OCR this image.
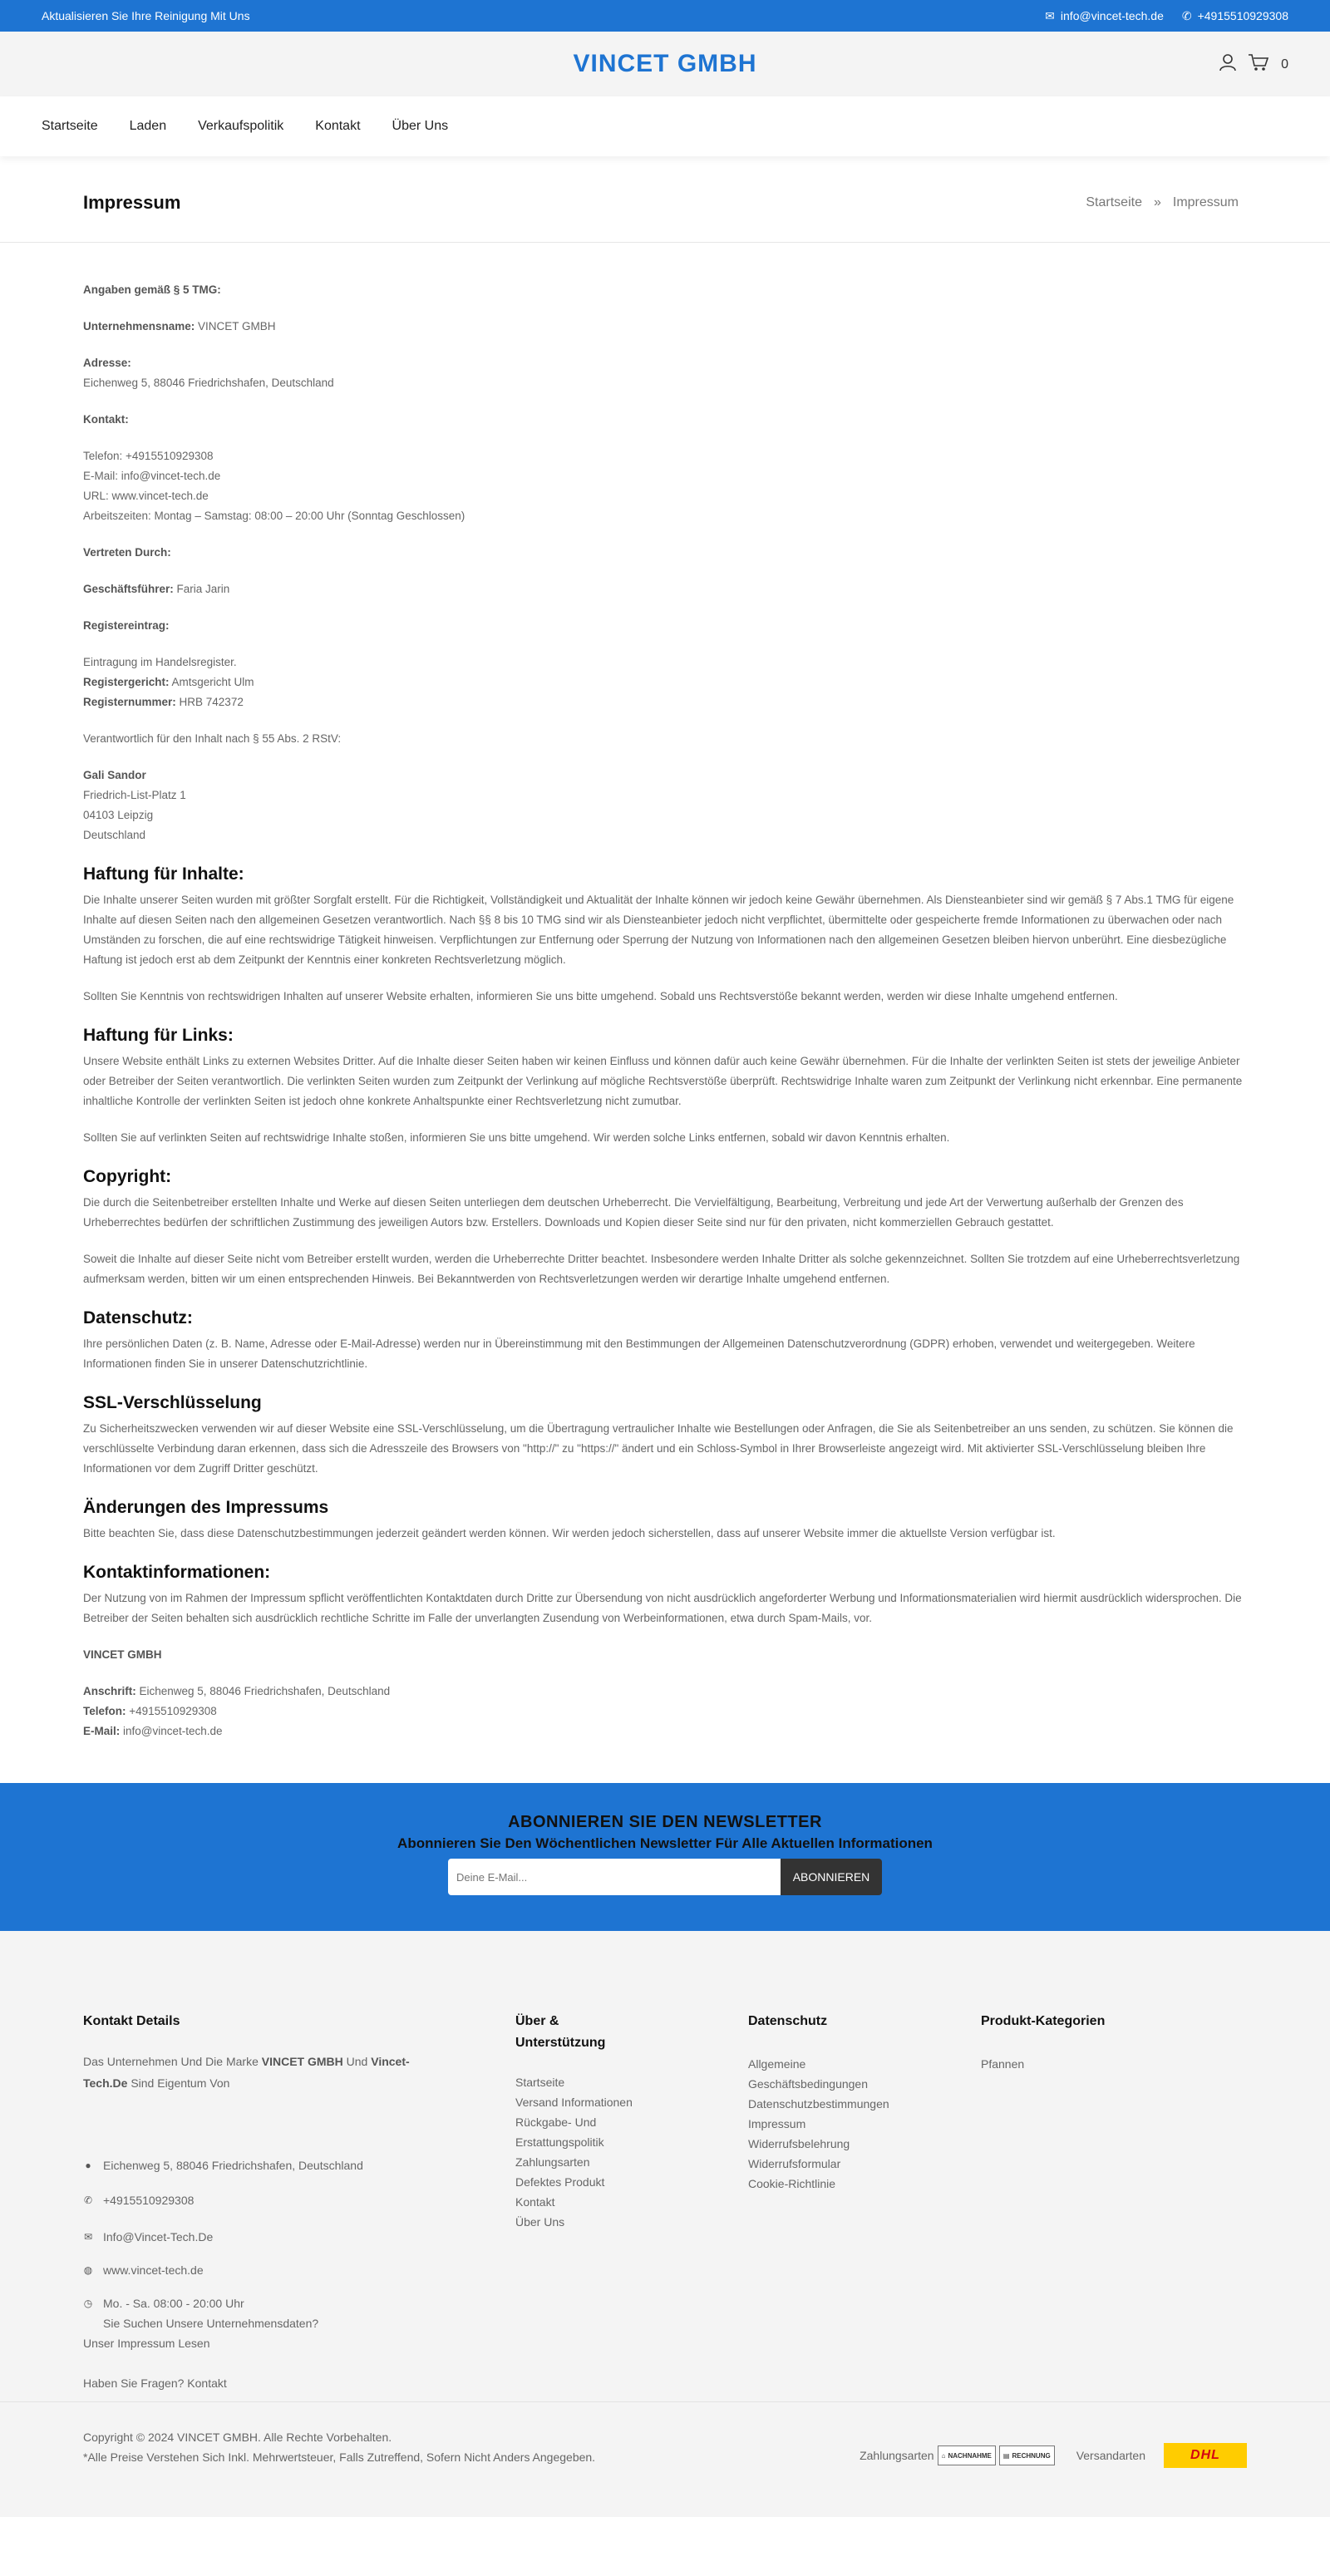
Aktualisieren Sie Ihre Reinigung Mit Uns	✉ info@vincet-tech.de ✆ +4915510929308
VINCET GMBH	0
Startseite Laden Verkaufspolitik Kontakt Über Uns
Impressum	Startseite » Impressum

Angaben gemäß § 5 TMG:

Unternehmensname: VINCET GMBH

Adresse:
Eichenweg 5, 88046 Friedrichshafen, Deutschland

Kontakt:

Telefon: +4915510929308
E-Mail: info@vincet-tech.de
URL: www.vincet-tech.de
Arbeitszeiten: Montag – Samstag: 08:00 – 20:00 Uhr (Sonntag Geschlossen)

Vertreten Durch:

Geschäftsführer: Faria Jarin

Registereintrag:

Eintragung im Handelsregister.
Registergericht: Amtsgericht Ulm
Registernummer: HRB 742372

Verantwortlich für den Inhalt nach § 55 Abs. 2 RStV:

Gali Sandor
Friedrich-List-Platz 1
04103 Leipzig
Deutschland

Haftung für Inhalte:

Die Inhalte unserer Seiten wurden mit größter Sorgfalt erstellt. Für die Richtigkeit, Vollständigkeit und Aktualität der Inhalte können wir jedoch keine Gewähr übernehmen. Als Diensteanbieter sind wir gemäß § 7 Abs.1 TMG für eigene Inhalte auf diesen Seiten nach den allgemeinen Gesetzen verantwortlich. Nach §§ 8 bis 10 TMG sind wir als Diensteanbieter jedoch nicht verpflichtet, übermittelte oder gespeicherte fremde Informationen zu überwachen oder nach Umständen zu forschen, die auf eine rechtswidrige Tätigkeit hinweisen. Verpflichtungen zur Entfernung oder Sperrung der Nutzung von Informationen nach den allgemeinen Gesetzen bleiben hiervon unberührt. Eine diesbezügliche Haftung ist jedoch erst ab dem Zeitpunkt der Kenntnis einer konkreten Rechtsverletzung möglich.

Sollten Sie Kenntnis von rechtswidrigen Inhalten auf unserer Website erhalten, informieren Sie uns bitte umgehend. Sobald uns Rechtsverstöße bekannt werden, werden wir diese Inhalte umgehend entfernen.

Haftung für Links:

Unsere Website enthält Links zu externen Websites Dritter. Auf die Inhalte dieser Seiten haben wir keinen Einfluss und können dafür auch keine Gewähr übernehmen. Für die Inhalte der verlinkten Seiten ist stets der jeweilige Anbieter oder Betreiber der Seiten verantwortlich. Die verlinkten Seiten wurden zum Zeitpunkt der Verlinkung auf mögliche Rechtsverstöße überprüft. Rechtswidrige Inhalte waren zum Zeitpunkt der Verlinkung nicht erkennbar. Eine permanente inhaltliche Kontrolle der verlinkten Seiten ist jedoch ohne konkrete Anhaltspunkte einer Rechtsverletzung nicht zumutbar.

Sollten Sie auf verlinkten Seiten auf rechtswidrige Inhalte stoßen, informieren Sie uns bitte umgehend. Wir werden solche Links entfernen, sobald wir davon Kenntnis erhalten.

Copyright:

Die durch die Seitenbetreiber erstellten Inhalte und Werke auf diesen Seiten unterliegen dem deutschen Urheberrecht. Die Vervielfältigung, Bearbeitung, Verbreitung und jede Art der Verwertung außerhalb der Grenzen des Urheberrechtes bedürfen der schriftlichen Zustimmung des jeweiligen Autors bzw. Erstellers. Downloads und Kopien dieser Seite sind nur für den privaten, nicht kommerziellen Gebrauch gestattet.

Soweit die Inhalte auf dieser Seite nicht vom Betreiber erstellt wurden, werden die Urheberrechte Dritter beachtet. Insbesondere werden Inhalte Dritter als solche gekennzeichnet. Sollten Sie trotzdem auf eine Urheberrechtsverletzung aufmerksam werden, bitten wir um einen entsprechenden Hinweis. Bei Bekanntwerden von Rechtsverletzungen werden wir derartige Inhalte umgehend entfernen.

Datenschutz:

Ihre persönlichen Daten (z. B. Name, Adresse oder E-Mail-Adresse) werden nur in Übereinstimmung mit den Bestimmungen der Allgemeinen Datenschutzverordnung (GDPR) erhoben, verwendet und weitergegeben. Weitere Informationen finden Sie in unserer Datenschutzrichtlinie.

SSL-Verschlüsselung

Zu Sicherheitszwecken verwenden wir auf dieser Website eine SSL-Verschlüsselung, um die Übertragung vertraulicher Inhalte wie Bestellungen oder Anfragen, die Sie als Seitenbetreiber an uns senden, zu schützen. Sie können die verschlüsselte Verbindung daran erkennen, dass sich die Adresszeile des Browsers von "http://" zu "https://" ändert und ein Schloss-Symbol in Ihrer Browserleiste angezeigt wird. Mit aktivierter SSL-Verschlüsselung bleiben Ihre Informationen vor dem Zugriff Dritter geschützt.

Änderungen des Impressums

Bitte beachten Sie, dass diese Datenschutzbestimmungen jederzeit geändert werden können. Wir werden jedoch sicherstellen, dass auf unserer Website immer die aktuellste Version verfügbar ist.

Kontaktinformationen:

Der Nutzung von im Rahmen der Impressum spflicht veröffentlichten Kontaktdaten durch Dritte zur Übersendung von nicht ausdrücklich angeforderter Werbung und Informationsmaterialien wird hiermit ausdrücklich widersprochen. Die Betreiber der Seiten behalten sich ausdrücklich rechtliche Schritte im Falle der unverlangten Zusendung von Werbeinformationen, etwa durch Spam-Mails, vor.

VINCET GMBH

Anschrift: Eichenweg 5, 88046 Friedrichshafen, Deutschland
Telefon: +4915510929308
E-Mail: info@vincet-tech.de

ABONNIEREN SIE DEN NEWSLETTER
Abonnieren Sie Den Wöchentlichen Newsletter Für Alle Aktuellen Informationen
Deine E-Mail...
ABONNIEREN
Kontakt Details
Das Unternehmen Und Die Marke VINCET GMBH Und Vincet-Tech.De Sind Eigentum Von
● Eichenweg 5, 88046 Friedrichshafen, Deutschland
✆ +4915510929308
✉ Info@Vincet-Tech.De
◍ www.vincet-tech.de
◷ Mo. - Sa. 08:00 - 20:00 Uhr
Sie Suchen Unsere Unternehmensdaten?
Unser Impressum Lesen
Haben Sie Fragen? Kontakt
Über & Unterstützung
Startseite
Versand Informationen
Rückgabe- Und Erstattungspolitik
Zahlungsarten
Defektes Produkt
Kontakt
Über Uns
Datenschutz
Allgemeine Geschäftsbedingungen
Datenschutzbestimmungen
Impressum
Widerrufsbelehrung
Widerrufsformular
Cookie-Richtlinie
Produkt-Kategorien
Pfannen
Copyright © 2024 VINCET GMBH. Alle Rechte Vorbehalten.
*Alle Preise Verstehen Sich Inkl. Mehrwertsteuer, Falls Zutreffend, Sofern Nicht Anders Angegeben.	Zahlungsarten ⌂ NACHNAHME ▤ RECHNUNG Versandarten	DHL
